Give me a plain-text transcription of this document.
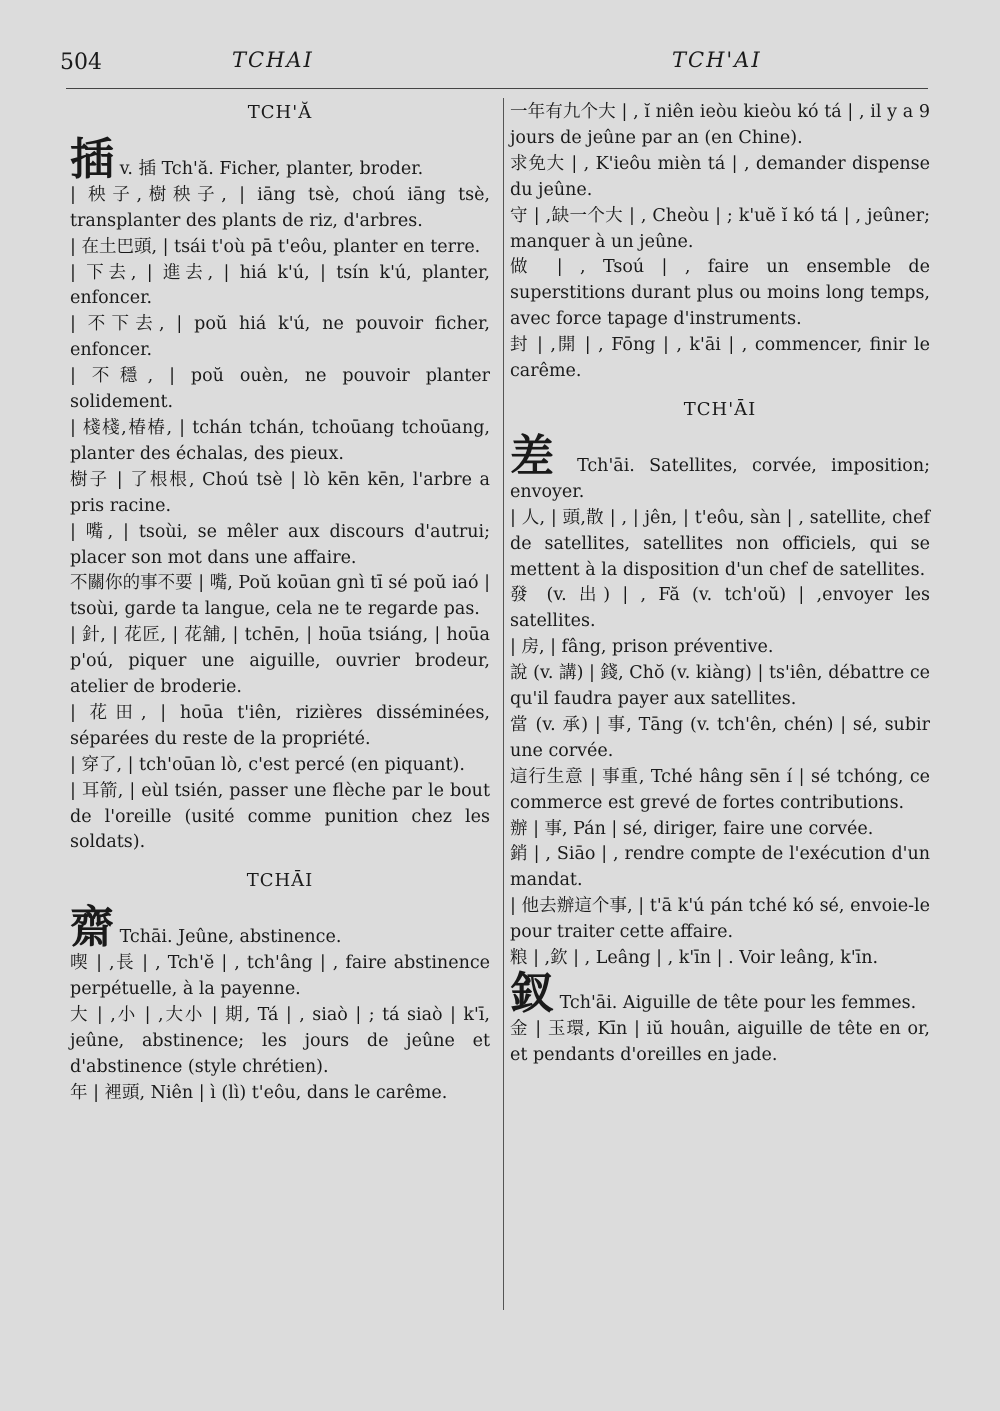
504	TCHAI	TCH'AI
TCH'Ă

插 v. 插 Tch'ă. Ficher, planter, broder.

| 秧子,樹秧子, | iāng tsè, choú iāng tsè, transplanter des plants de riz, d'arbres.

| 在土巴頭, | tsái t'où pā t'eôu, planter en terre.

| 下去, | 進去, | hiá k'ú, | tsín k'ú, planter, enfoncer.

| 不下去, | poŭ hiá k'ú, ne pouvoir ficher, enfoncer.

| 不穩, | poŭ ouèn, ne pouvoir planter solidement.

| 棧棧,椿椿, | tchán tchán, tchoūang tchoūang, planter des échalas, des pieux.

樹子 | 了根根, Choú tsè | lò kēn kēn, l'arbre a pris racine.

| 嘴, | tsoùi, se mêler aux discours d'autrui; placer son mot dans une affaire.

不關你的事不要 | 嘴, Poŭ koūan gnì tī sé poŭ iaó | tsoùi, garde ta langue, cela ne te regarde pas.

| 針, | 花匠, | 花舖, | tchēn, | hoūa tsiáng, | hoūa p'oú, piquer une aiguille, ouvrier brodeur, atelier de broderie.

| 花田, | hoūa t'iên, rizières disséminées, séparées du reste de la propriété.

| 穿了, | tch'oūan lò, c'est percé (en piquant).

| 耳箭, | eùl tsién, passer une flèche par le bout de l'oreille (usité comme punition chez les soldats).

TCHĀI

齋 Tchāi. Jeûne, abstinence.

喫 | ,長 | , Tch'ĕ | , tch'âng | , faire abstinence perpétuelle, à la payenne.

大 | ,小 | ,大小 | 期, Tá | , siaò | ; tá siaò | k'ī, jeûne, abstinence; les jours de jeûne et d'abstinence (style chrétien).

年 | 裡頭, Niên | ì (lì) t'eôu, dans le carême.

一年有九个大 | , ĭ niên ieòu kieòu kó tá | , il y a 9 jours de jeûne par an (en Chine).

求免大 | , K'ieôu mièn tá | , demander dispense du jeûne.

守 | ,缺一个大 | , Cheòu | ; k'uĕ ĭ kó tá | , jeûner; manquer à un jeûne.

做 | , Tsoú | , faire un ensemble de superstitions durant plus ou moins long temps, avec force tapage d'instruments.

封 | ,開 | , Fōng | , k'āi | , commencer, finir le carême.

TCH'ĀI

差 Tch'āi. Satellites, corvée, imposition; envoyer.

| 人, | 頭,散 | , | jên, | t'eôu, sàn | , satellite, chef de satellites, satellites non officiels, qui se mettent à la disposition d'un chef de satellites.

發 (v. 出) | , Fă (v. tch'oŭ) | ,envoyer les satellites.

| 房, | fâng, prison préventive.

說 (v. 講) | 錢, Chŏ (v. kiàng) | ts'iên, débattre ce qu'il faudra payer aux satellites.

當 (v. 承) | 事, Tāng (v. tch'ên, chén) | sé, subir une corvée.

這行生意 | 事重, Tché hâng sēn í | sé tchóng, ce commerce est grevé de fortes contributions.

辦 | 事, Pán | sé, diriger, faire une corvée.

銷 | , Siāo | , rendre compte de l'exécution d'un mandat.

| 他去辦這个事, | t'ā k'ú pán tché kó sé, envoie-le pour traiter cette affaire.

粮 | ,欽 | , Leâng | , k'īn | . Voir leâng, k'īn.

釵 Tch'āi. Aiguille de tête pour les femmes.

金 | 玉環, Kīn | iŭ houân, aiguille de tête en or, et pendants d'oreilles en jade.
